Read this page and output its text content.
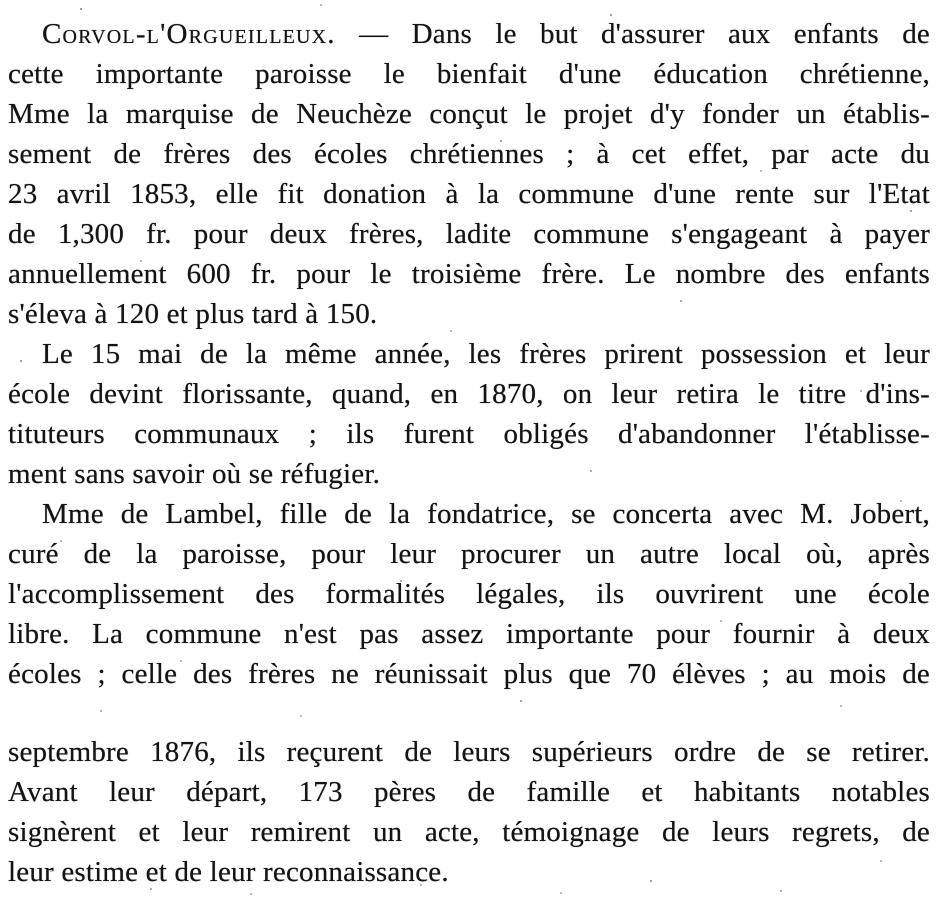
Corvol-l'Orgueilleux. — Dans le but d'assurer aux enfants de
cette importante paroisse le bienfait d'une éducation chrétienne,
Mme la marquise de Neuchèze conçut le projet d'y fonder un établis-
sement de frères des écoles chrétiennes ; à cet effet, par acte du
23 avril 1853, elle fit donation à la commune d'une rente sur l'Etat
de 1,300 fr. pour deux frères, ladite commune s'engageant à payer
annuellement 600 fr. pour le troisième frère. Le nombre des enfants
s'éleva à 120 et plus tard à 150.

Le 15 mai de la même année, les frères prirent possession et leur
école devint florissante, quand, en 1870, on leur retira le titre d'ins-
tituteurs communaux ; ils furent obligés d'abandonner l'établisse-
ment sans savoir où se réfugier.

Mme de Lambel, fille de la fondatrice, se concerta avec M. Jobert,
curé de la paroisse, pour leur procurer un autre local où, après
l'accomplissement des formalités légales, ils ouvrirent une école
libre. La commune n'est pas assez importante pour fournir à deux
écoles ; celle des frères ne réunissait plus que 70 élèves ; au mois de

septembre 1876, ils reçurent de leurs supérieurs ordre de se retirer.
Avant leur départ, 173 pères de famille et habitants notables
signèrent et leur remirent un acte, témoignage de leurs regrets, de
leur estime et de leur reconnaissance.
